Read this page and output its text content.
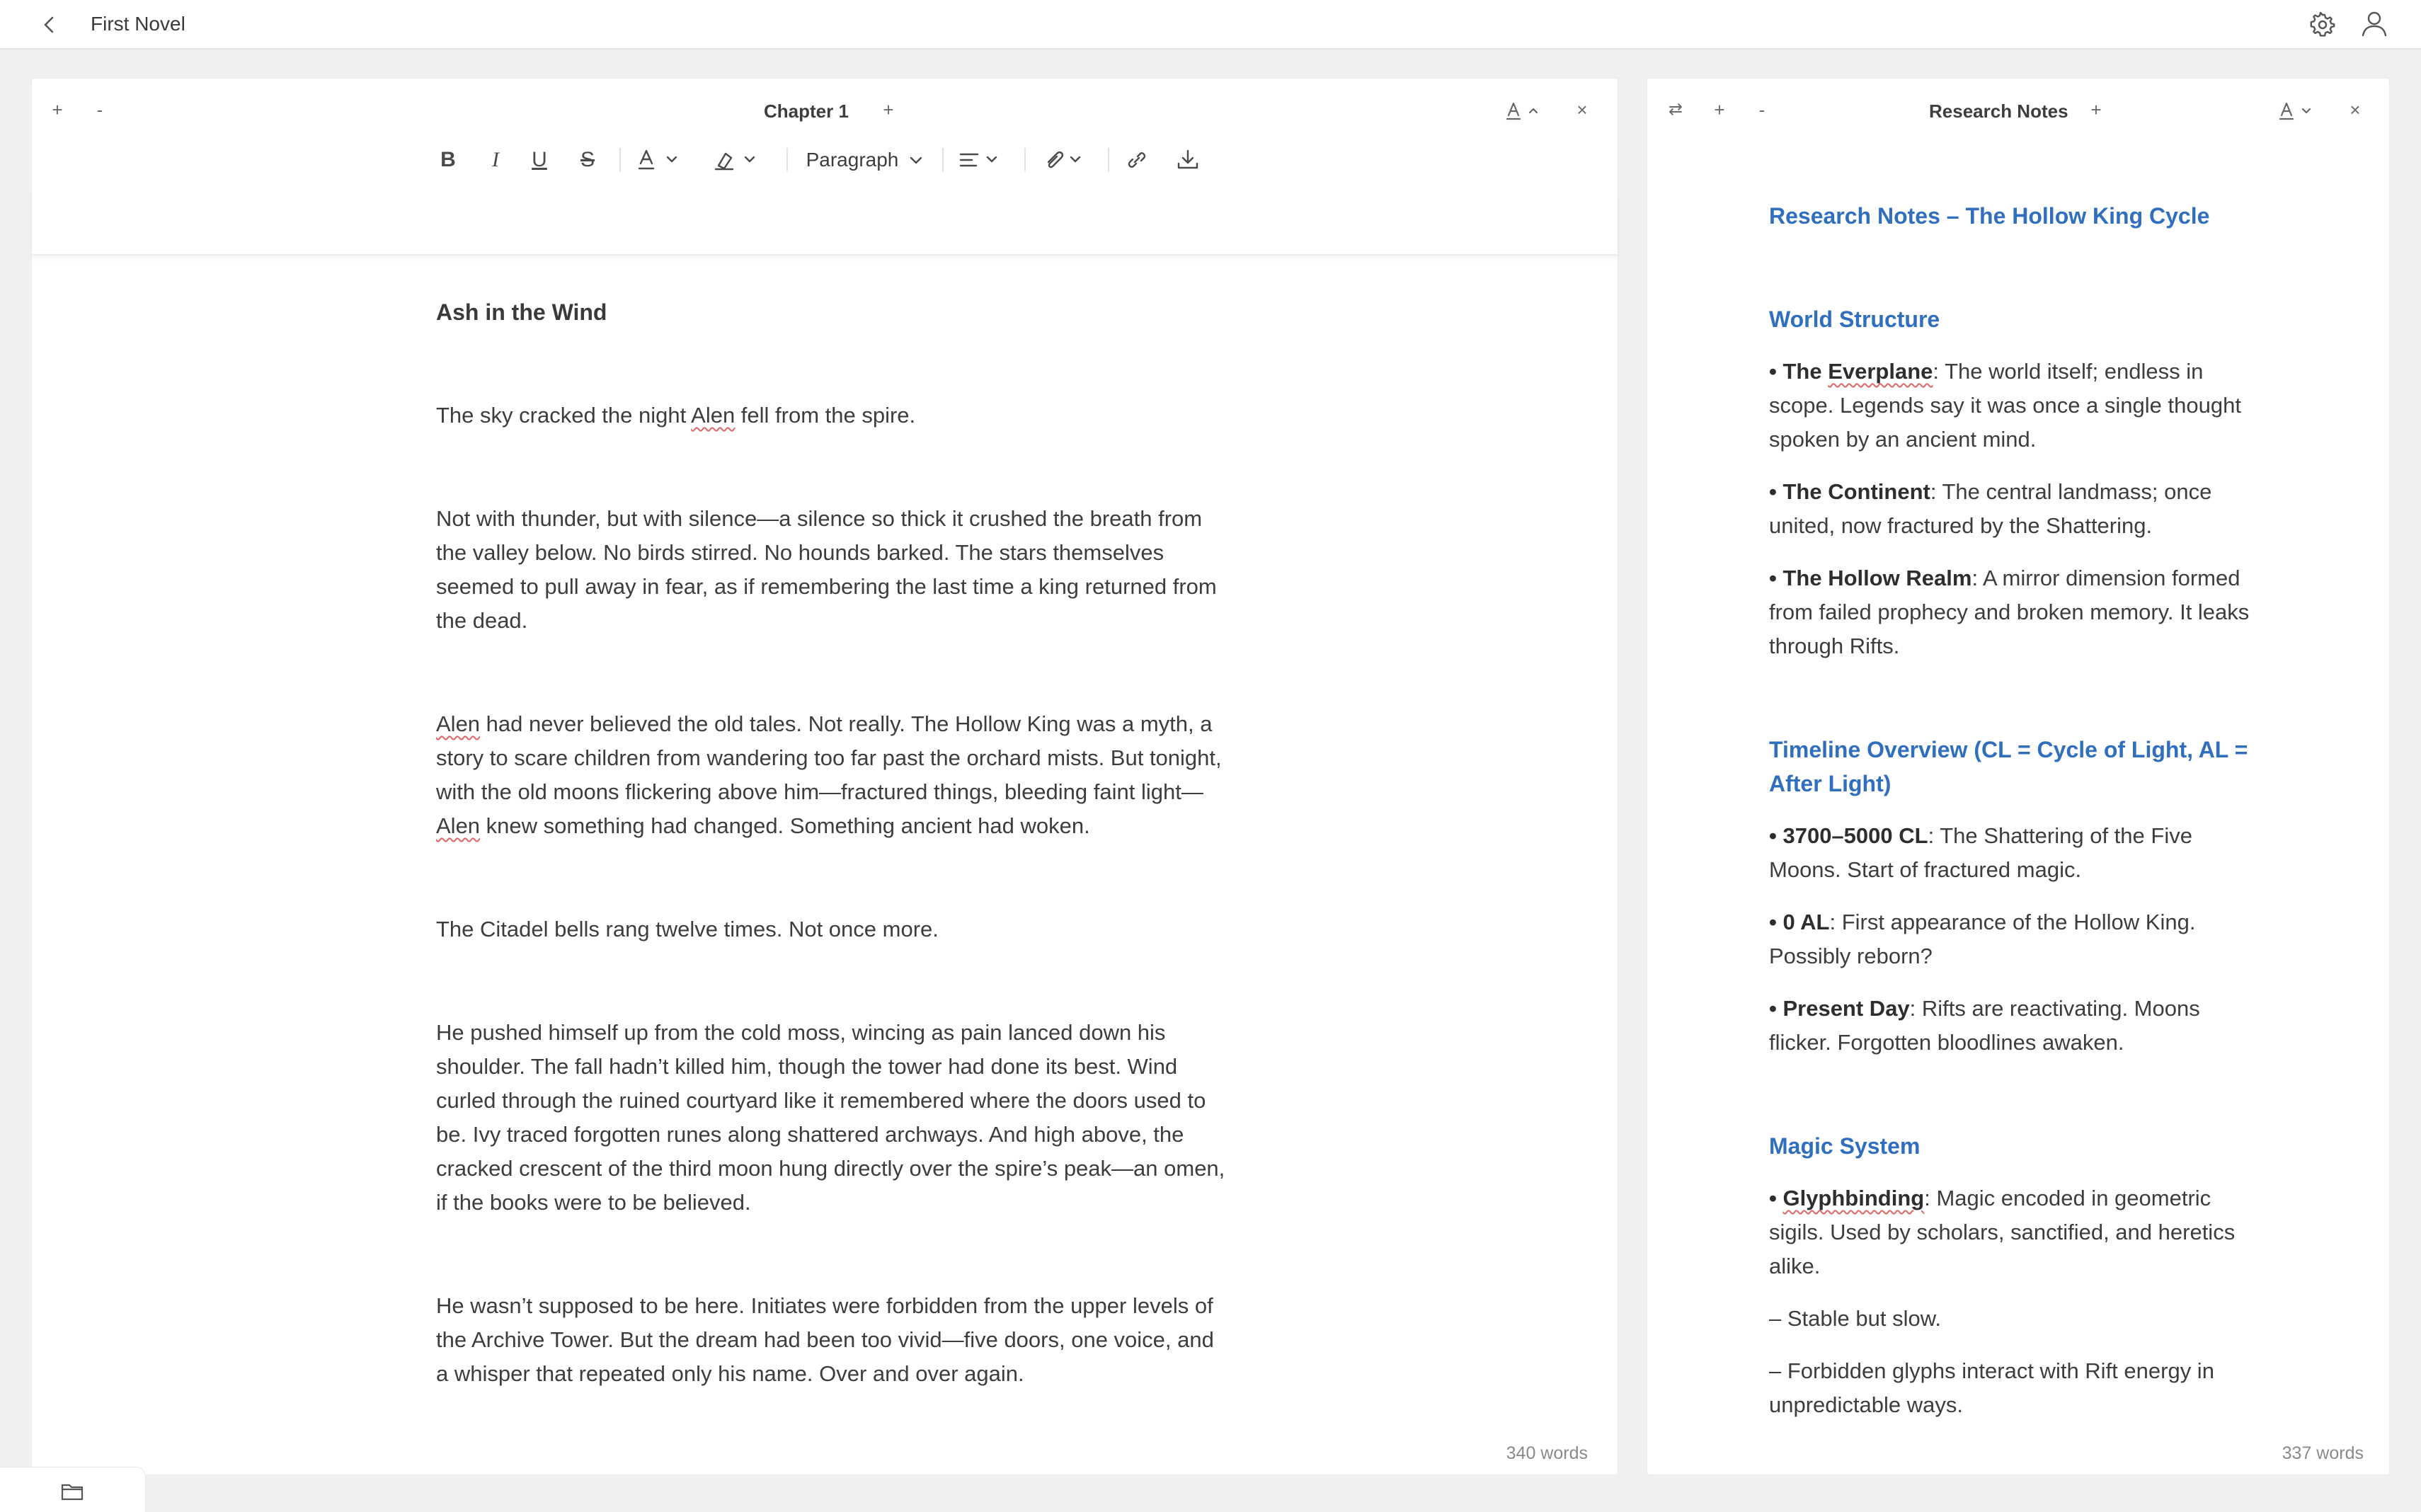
First Novel
+	-	Chapter 1	+	×
B	I	U	S	Paragraph
Ash in the Wind

The sky cracked the night Alen fell from the spire.

Not with thunder, but with silence—a silence so thick it crushed the breath from the valley below. No birds stirred. No hounds barked. The stars themselves seemed to pull away in fear, as if remembering the last time a king returned from the dead.

Alen had never believed the old tales. Not really. The Hollow King was a myth, a story to scare children from wandering too far past the orchard mists. But tonight, with the old moons flickering above him—fractured things, bleeding faint light—Alen knew something had changed. Something ancient had woken.

The Citadel bells rang twelve times. Not once more.

He pushed himself up from the cold moss, wincing as pain lanced down his shoulder. The fall hadn’t killed him, though the tower had done its best. Wind curled through the ruined courtyard like it remembered where the doors used to be. Ivy traced forgotten runes along shattered archways. And high above, the cracked crescent of the third moon hung directly over the spire’s peak—an omen, if the books were to be believed.

He wasn’t supposed to be here. Initiates were forbidden from the upper levels of the Archive Tower. But the dream had been too vivid—five doors, one voice, and a whisper that repeated only his name. Over and over again.

340 words
⇄	+	-	Research Notes	+	×
Research Notes – The Hollow King Cycle
World Structure
• The Everplane: The world itself; endless in scope. Legends say it was once a single thought spoken by an ancient mind.
• The Continent: The central landmass; once united, now fractured by the Shattering.
• The Hollow Realm: A mirror dimension formed from failed prophecy and broken memory. It leaks through Rifts.
Timeline Overview (CL = Cycle of Light, AL = After Light)
• 3700–5000 CL: The Shattering of the Five Moons. Start of fractured magic.
• 0 AL: First appearance of the Hollow King. Possibly reborn?
• Present Day: Rifts are reactivating. Moons flicker. Forgotten bloodlines awaken.
Magic System
• Glyphbinding: Magic encoded in geometric sigils. Used by scholars, sanctified, and heretics alike.
– Stable but slow.
– Forbidden glyphs interact with Rift energy in unpredictable ways.
337 words
